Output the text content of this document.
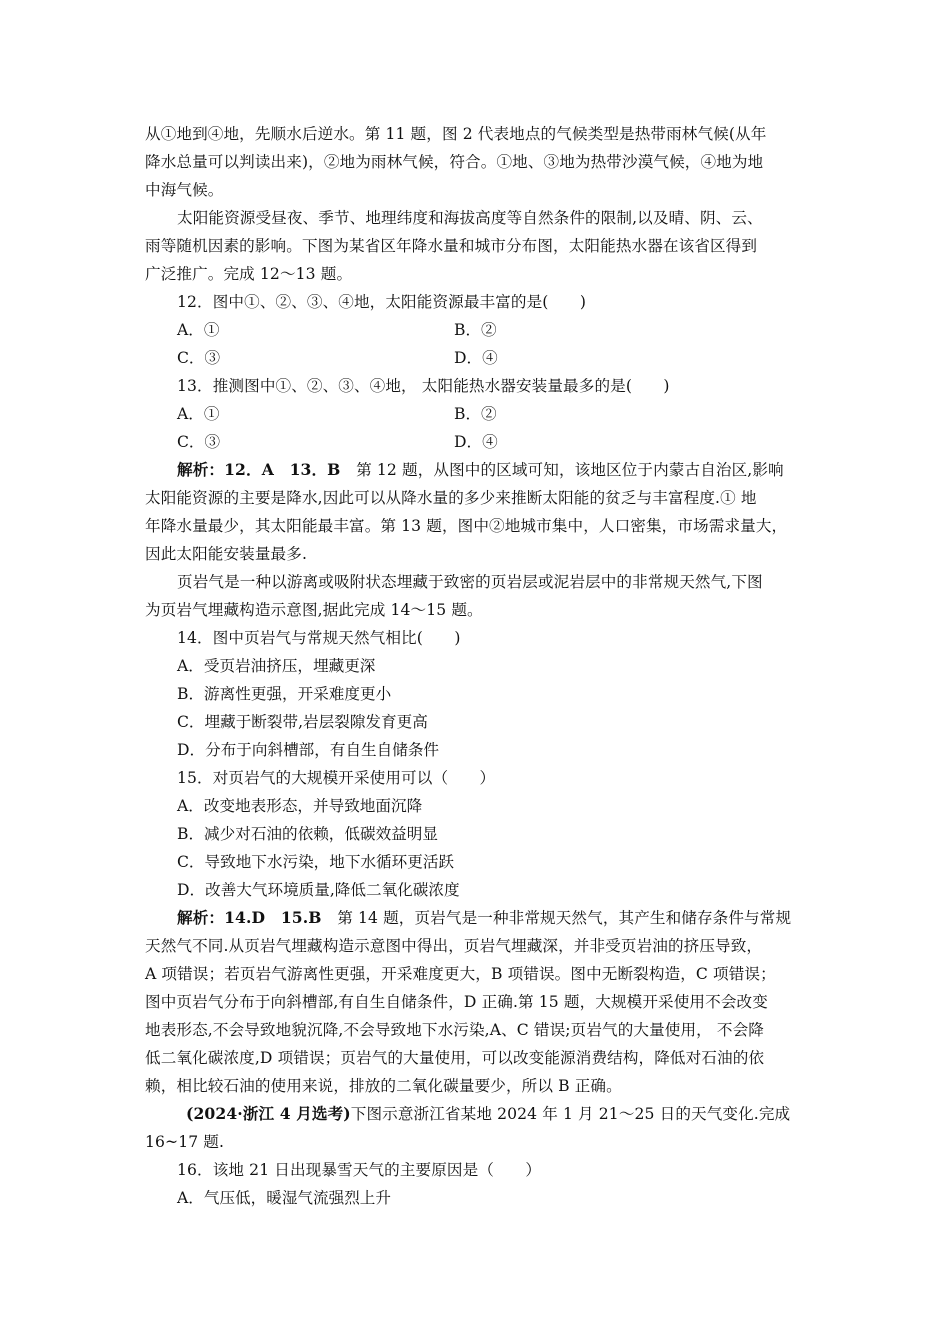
从①地到④地，先顺水后逆水。第 11 题，图 2 代表地点的气候类型是热带雨林气候(从年
降水总量可以判读出来)，②地为雨林气候，符合。①地、③地为热带沙漠气候，④地为地
中海气候。
太阳能资源受昼夜、季节、地理纬度和海拔高度等自然条件的限制,以及晴、阴、云、
雨等随机因素的影响。下图为某省区年降水量和城市分布图，太阳能热水器在该省区得到
广泛推广。完成 12～13 题。
12．图中①、②、③、④地，太阳能资源最丰富的是(　　)
A．①	B．②
C．③	D．④
13．推测图中①、②、③、④地， 太阳能热水器安装量最多的是(　　)
A．①	B．②
C．③	D．④
解析：12．A　13．B　第 12 题，从图中的区域可知，该地区位于内蒙古自治区,影响
太阳能资源的主要是降水,因此可以从降水量的多少来推断太阳能的贫乏与丰富程度.① 地
年降水量最少，其太阳能最丰富。第 13 题，图中②地城市集中，人口密集，市场需求量大，
因此太阳能安装量最多.
页岩气是一种以游离或吸附状态埋藏于致密的页岩层或泥岩层中的非常规天然气,下图
为页岩气埋藏构造示意图,据此完成 14～15 题。
14．图中页岩气与常规天然气相比(　　)
A．受页岩油挤压，埋藏更深
B．游离性更强，开采难度更小
C．埋藏于断裂带,岩层裂隙发育更高
D．分布于向斜槽部，有自生自储条件
15．对页岩气的大规模开采使用可以（　　）
A．改变地表形态，并导致地面沉降
B．减少对石油的依赖，低碳效益明显
C．导致地下水污染，地下水循环更活跃
D．改善大气环境质量,降低二氧化碳浓度
解析：14.D　15.B　第 14 题，页岩气是一种非常规天然气，其产生和储存条件与常规
天然气不同.从页岩气埋藏构造示意图中得出，页岩气埋藏深，并非受页岩油的挤压导致，
A 项错误；若页岩气游离性更强，开采难度更大，B 项错误。图中无断裂构造，C 项错误；
图中页岩气分布于向斜槽部,有自生自储条件，D 正确.第 15 题，大规模开采使用不会改变
地表形态,不会导致地貌沉降,不会导致地下水污染,A、C 错误;页岩气的大量使用， 不会降
低二氧化碳浓度,D 项错误；页岩气的大量使用，可以改变能源消费结构，降低对石油的依
赖，相比较石油的使用来说，排放的二氧化碳量要少，所以 B 正确。
(2024·浙江 4 月选考)下图示意浙江省某地 2024 年 1 月 21～25 日的天气变化.完成
16~17 题.
16．该地 21 日出现暴雪天气的主要原因是（　　）
A．气压低，暖湿气流强烈上升
